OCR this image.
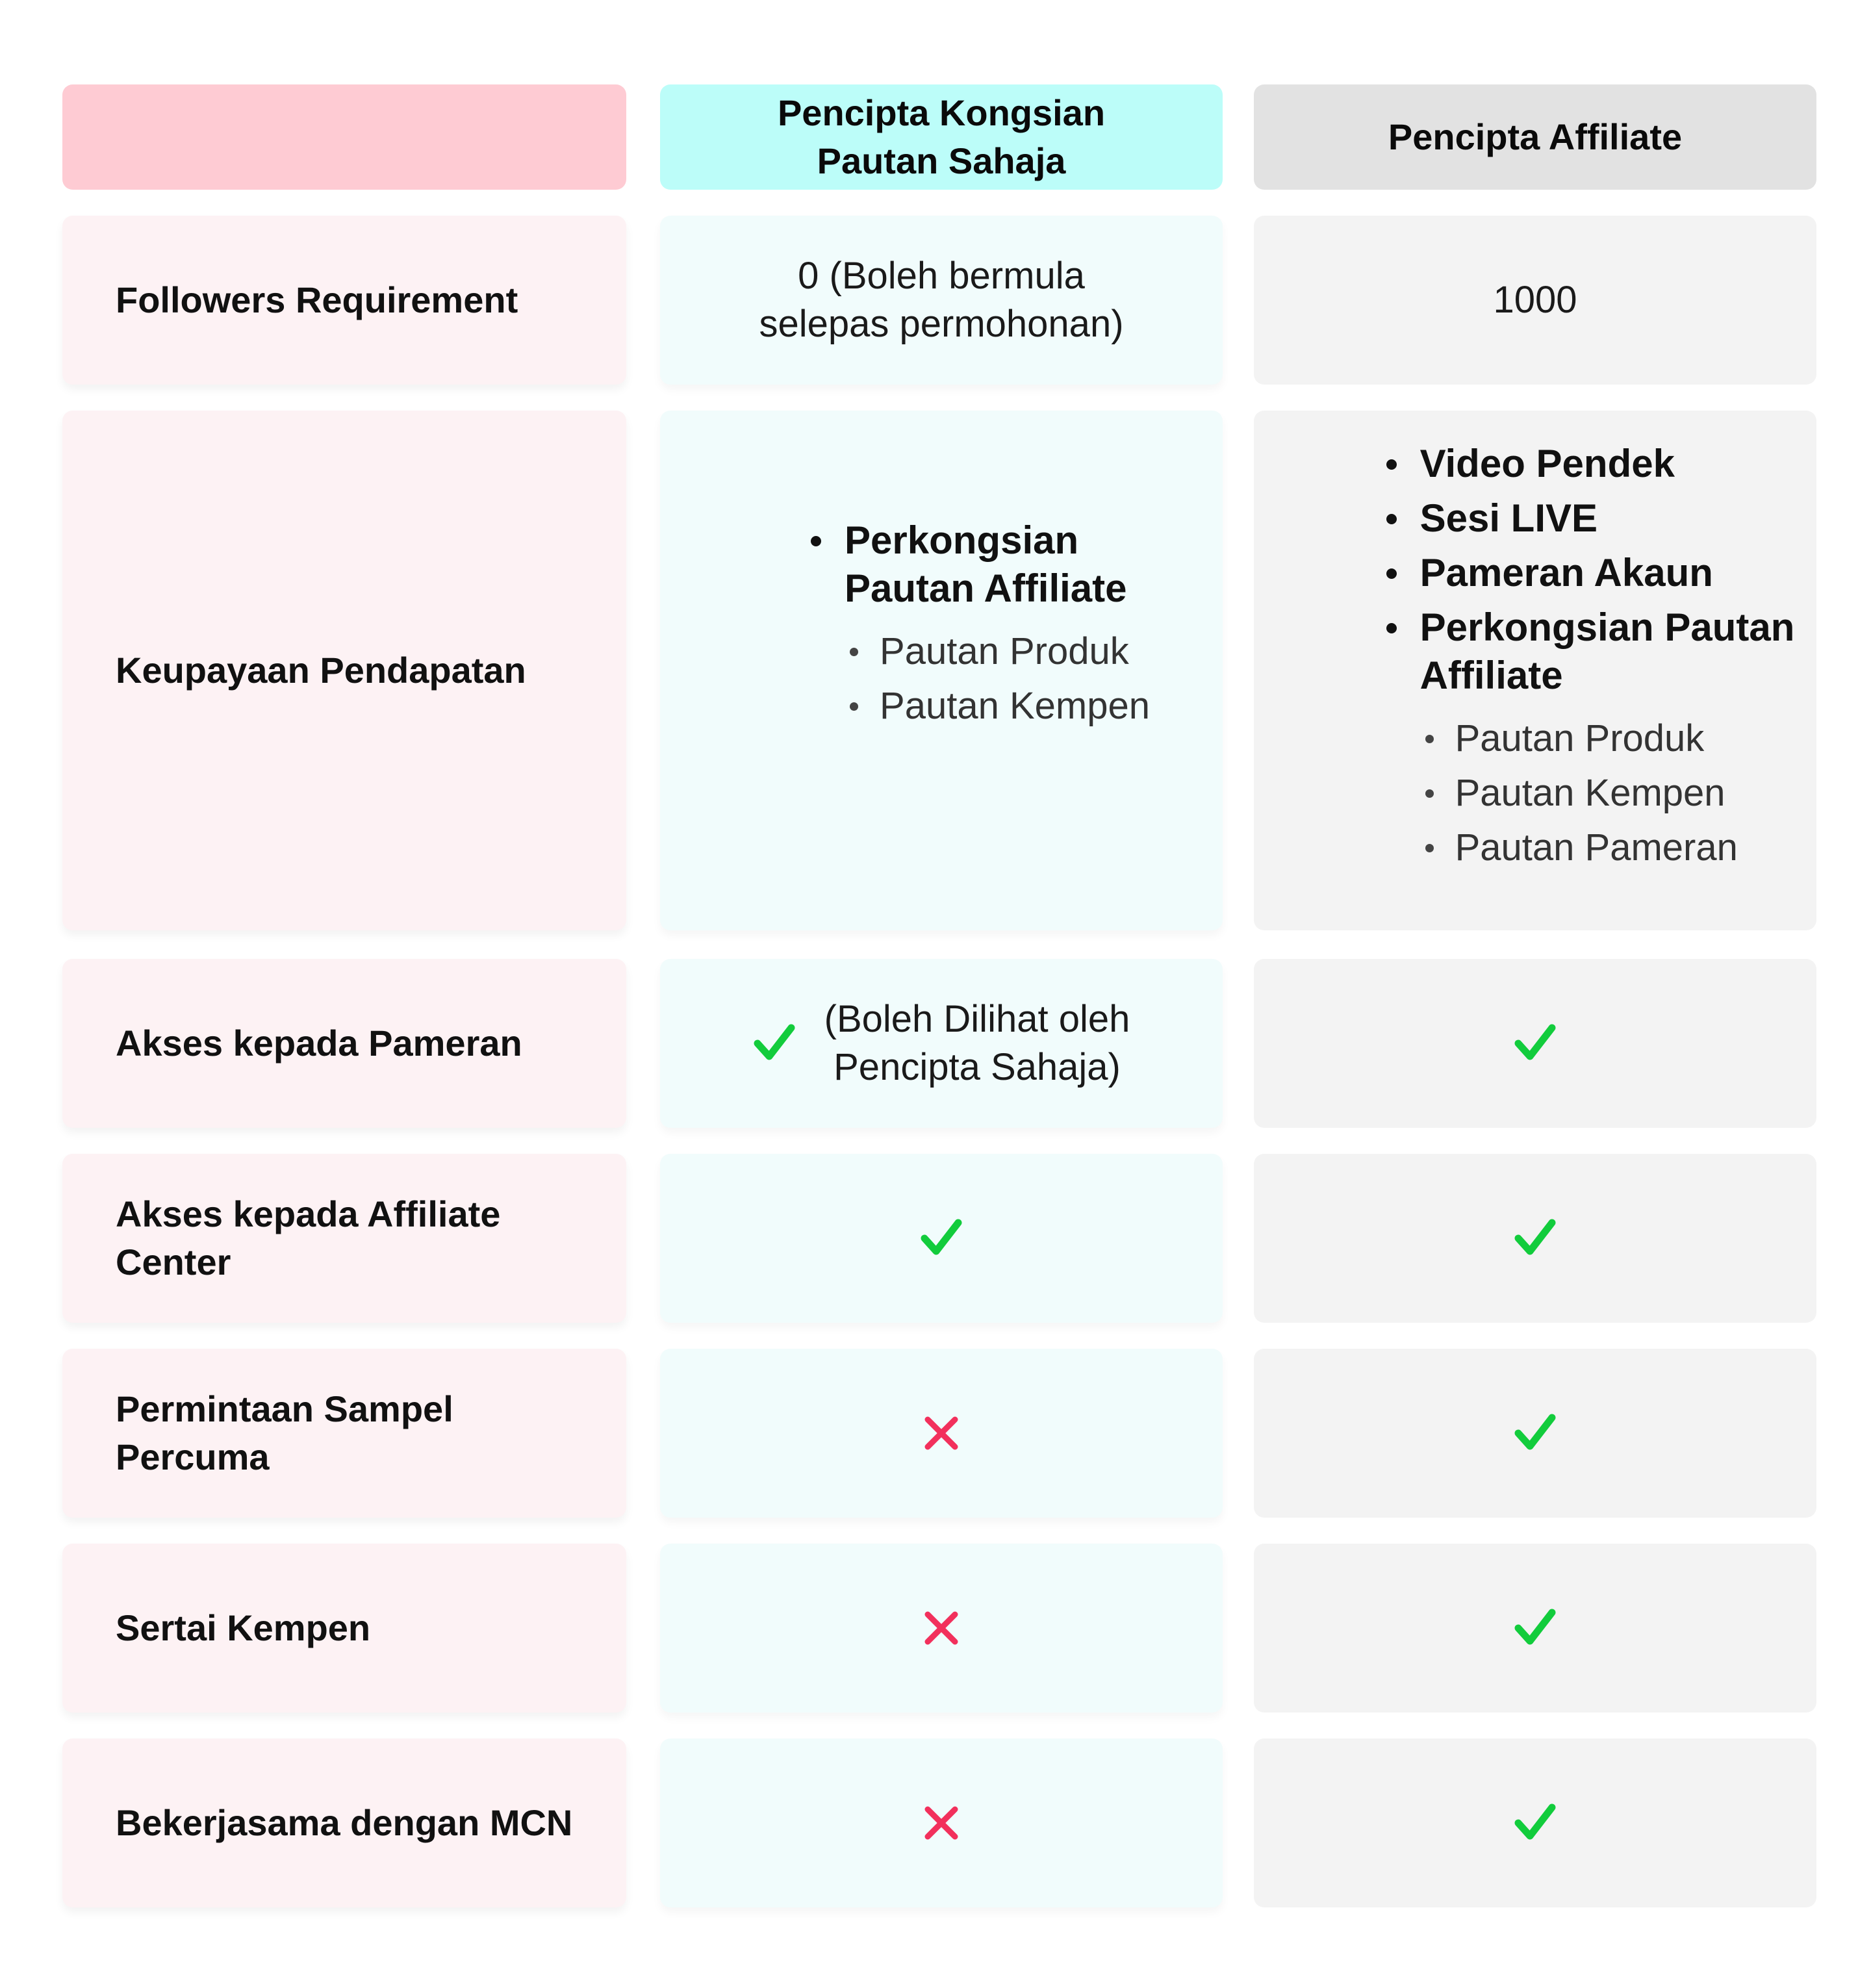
Pencipta Kongsian
Pautan Sahaja
Pencipta Affiliate
Followers Requirement
0 (Boleh bermula
selepas permohonan)
1000
Keupayaan Pendapatan
Perkongsian
Pautan Affiliate
Pautan Produk
Pautan Kempen
Video Pendek
Sesi LIVE
Pameran Akaun
Perkongsian Pautan
Affiliate
Pautan Produk
Pautan Kempen
Pautan Pameran
Akses kepada Pameran
(Boleh Dilihat oleh
Pencipta Sahaja)
Akses kepada Affiliate
Center
Permintaan Sampel
Percuma
Sertai Kempen
Bekerjasama dengan MCN
